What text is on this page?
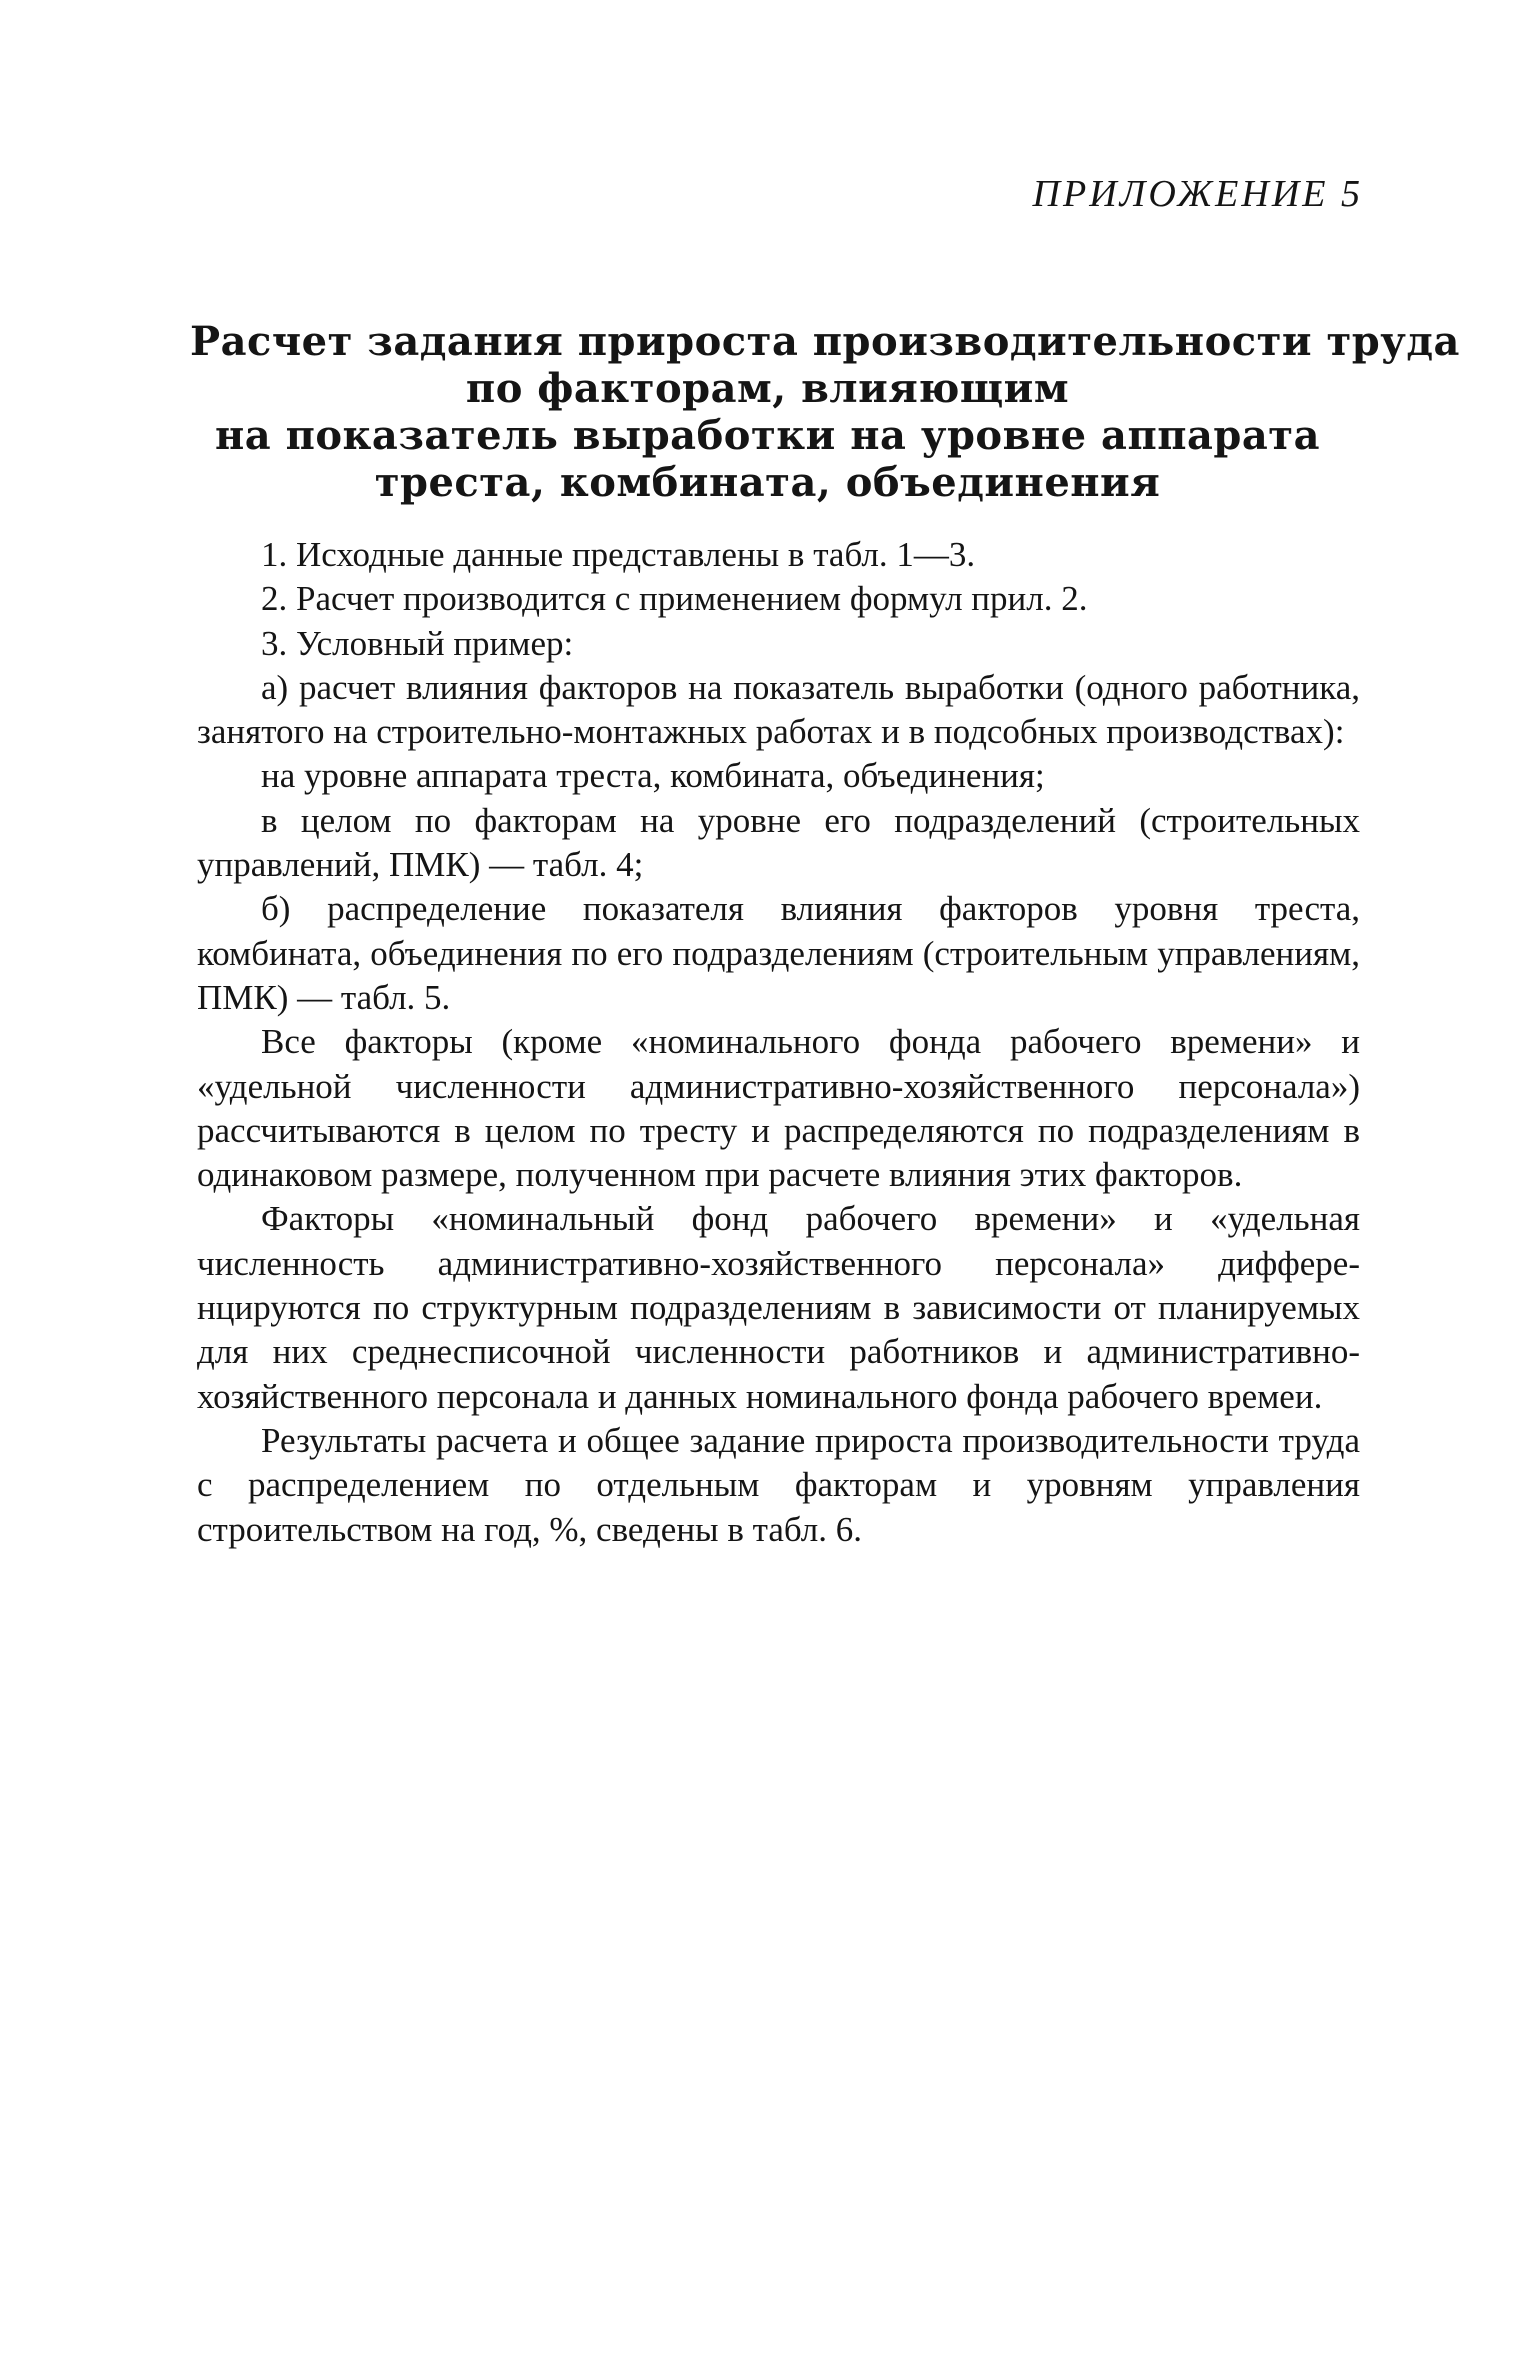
ПРИЛОЖЕНИЕ 5
Расчет задания прироста производительности труда
по факторам, влияющим
на показатель выработки на уровне аппарата
треста, комбината, объединения

1. Исходные данные представлены в табл. 1—3.

2. Расчет производится с применением формул прил. 2.

3. Условный пример:

а) расчет влияния факторов на показатель выработки (одного работника, занятого на строительно-монтажных работах и в подсобных производствах):

на уровне аппарата треста, комбината, объединения;

в целом по факторам на уровне его подразделений (строительных управлений, ПМК) — табл. 4;

б) распределение показателя влияния факторов уровня треста, комбината, объединения по его подразделениям (строительным управлениям, ПМК) — табл. 5.

Все факторы (кроме «номинального фонда рабочего времени» и «удельной численности административно-хозяйственного персонала») рассчитываются в целом по тресту и распределяются по подразделениям в одинаковом размере, полученном при расчете влияния этих факторов.

Факторы «номинальный фонд рабочего времени» и «удельная численность административно-хозяйственного персонала» дифференцируются по структурным подразделениям в зависимости от планируемых для них среднесписочной численности работников и административно-хозяйственного персонала и данных номинального фонда рабочего времеи.

Результаты расчета и общее задание прироста производительности труда с распределением по отдельным факторам и уровням управления строительством на год, %, сведены в табл. 6.
